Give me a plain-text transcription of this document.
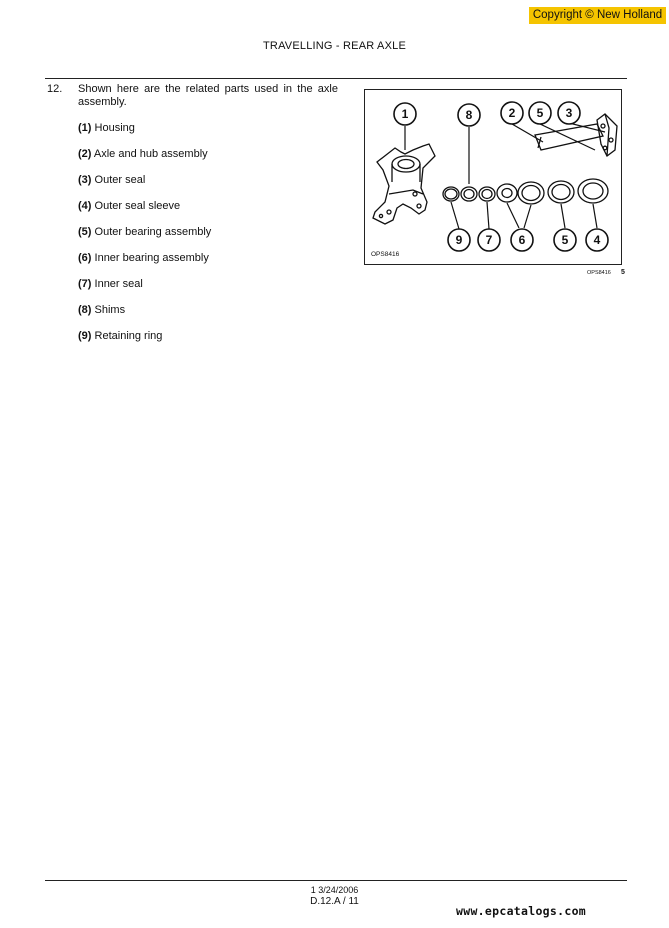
Copyright © New Holland
TRAVELLING - REAR AXLE
12. Shown here are the related parts used in the axle assembly.
(1) Housing
(2) Axle and hub assembly
(3) Outer seal
(4) Outer seal sleeve
(5) Outer bearing assembly
(6) Inner bearing assembly
(7) Inner seal
(8) Shims
(9) Retaining ring
1	8	2 5 3
9 7 6	5 4
OPS8416
OPS8416 5
1 3/24/2006
D.12.A / 11
www.epcatalogs.com
